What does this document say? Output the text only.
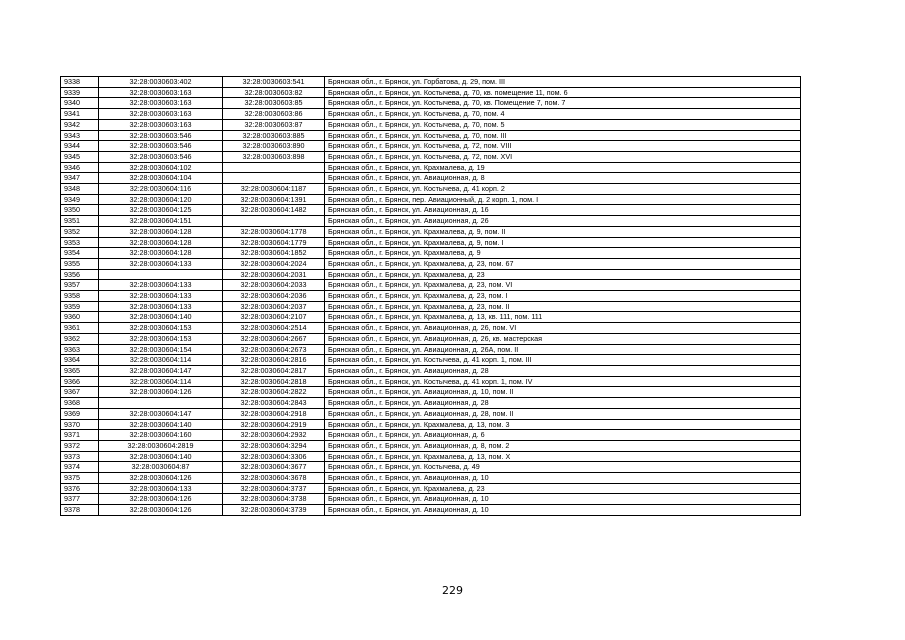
9338	32:28:0030603:402	32:28:0030603:541	Брянская обл., г. Брянск, ул. Горбатова, д. 29, пом. III
9339	32:28:0030603:163	32:28:0030603:82	Брянская обл., г. Брянск, ул. Костычева, д. 70, кв. помещение 11, пом. 6
9340	32:28:0030603:163	32:28:0030603:85	Брянская обл., г. Брянск, ул. Костычева, д. 70, кв. Помещение 7, пом. 7
9341	32:28:0030603:163	32:28:0030603:86	Брянская обл., г. Брянск, ул. Костычева, д. 70, пом. 4
9342	32:28:0030603:163	32:28:0030603:87	Брянская обл., г. Брянск, ул. Костычева, д. 70, пом. 5
9343	32:28:0030603:546	32:28:0030603:885	Брянская обл., г. Брянск, ул. Костычева, д. 70, пом. III
9344	32:28:0030603:546	32:28:0030603:890	Брянская обл., г. Брянск, ул. Костычева, д. 72, пом. VIII
9345	32:28:0030603:546	32:28:0030603:898	Брянская обл., г. Брянск, ул. Костычева, д. 72, пом. XVI
9346	32:28:0030604:102		Брянская обл., г. Брянск, ул. Крахмалева, д. 19
9347	32:28:0030604:104		Брянская обл., г. Брянск, ул. Авиационная, д. 8
9348	32:28:0030604:116	32:28:0030604:1187	Брянская обл., г. Брянск, ул. Костычева, д. 41 корп. 2
9349	32:28:0030604:120	32:28:0030604:1391	Брянская обл., г. Брянск, пер. Авиационный, д. 2 корп. 1, пом. I
9350	32:28:0030604:125	32:28:0030604:1482	Брянская обл., г. Брянск, ул. Авиационная, д. 16
9351	32:28:0030604:151		Брянская обл., г. Брянск, ул. Авиационная, д. 26
9352	32:28:0030604:128	32:28:0030604:1778	Брянская обл., г. Брянск, ул. Крахмалева, д. 9, пом. II
9353	32:28:0030604:128	32:28:0030604:1779	Брянская обл., г. Брянск, ул. Крахмалева, д. 9, пом. I
9354	32:28:0030604:128	32:28:0030604:1852	Брянская обл., г. Брянск, ул. Крахмалева, д. 9
9355	32:28:0030604:133	32:28:0030604:2024	Брянская обл., г. Брянск, ул. Крахмалева, д. 23, пом. 67
9356		32:28:0030604:2031	Брянская обл., г. Брянск, ул. Крахмалева, д. 23
9357	32:28:0030604:133	32:28:0030604:2033	Брянская обл., г. Брянск, ул. Крахмалева, д. 23, пом. VI
9358	32:28:0030604:133	32:28:0030604:2036	Брянская обл., г. Брянск, ул. Крахмалева, д. 23, пом. I
9359	32:28:0030604:133	32:28:0030604:2037	Брянская обл., г. Брянск, ул. Крахмалева, д. 23, пом. II
9360	32:28:0030604:140	32:28:0030604:2107	Брянская обл., г. Брянск, ул. Крахмалева, д. 13, кв. 111, пом. 111
9361	32:28:0030604:153	32:28:0030604:2514	Брянская обл., г. Брянск, ул. Авиационная, д. 26, пом. VI
9362	32:28:0030604:153	32:28:0030604:2667	Брянская обл., г. Брянск, ул. Авиационная, д. 26, кв. мастерская
9363	32:28:0030604:154	32:28:0030604:2673	Брянская обл., г. Брянск, ул. Авиационная, д. 26А, пом. II
9364	32:28:0030604:114	32:28:0030604:2816	Брянская обл., г. Брянск, ул. Костычева, д. 41 корп. 1, пом. III
9365	32:28:0030604:147	32:28:0030604:2817	Брянская обл., г. Брянск, ул. Авиационная, д. 28
9366	32:28:0030604:114	32:28:0030604:2818	Брянская обл., г. Брянск, ул. Костычева, д. 41 корп. 1, пом. IV
9367	32:28:0030604:126	32:28:0030604:2822	Брянская обл., г. Брянск, ул. Авиационная, д. 10, пом. II
9368		32:28:0030604:2843	Брянская обл., г. Брянск, ул. Авиационная, д. 28
9369	32:28:0030604:147	32:28:0030604:2918	Брянская обл., г. Брянск, ул. Авиационная, д. 28, пом. II
9370	32:28:0030604:140	32:28:0030604:2919	Брянская обл., г. Брянск, ул. Крахмалева, д. 13, пом. 3
9371	32:28:0030604:160	32:28:0030604:2932	Брянская обл., г. Брянск, ул. Авиационная, д. 6
9372	32:28:0030604:2819	32:28:0030604:3294	Брянская обл., г. Брянск, ул. Авиационная, д. 8, пом. 2
9373	32:28:0030604:140	32:28:0030604:3306	Брянская обл., г. Брянск, ул. Крахмалева, д. 13, пом. X
9374	32:28:0030604:87	32:28:0030604:3677	Брянская обл., г. Брянск, ул. Костычева, д. 49
9375	32:28:0030604:126	32:28:0030604:3678	Брянская обл., г. Брянск, ул. Авиационная, д. 10
9376	32:28:0030604:133	32:28:0030604:3737	Брянская обл., г. Брянск, ул. Крахмалева, д. 23
9377	32:28:0030604:126	32:28:0030604:3738	Брянская обл., г. Брянск, ул. Авиационная, д. 10
9378	32:28:0030604:126	32:28:0030604:3739	Брянская обл., г. Брянск, ул. Авиационная, д. 10
229
